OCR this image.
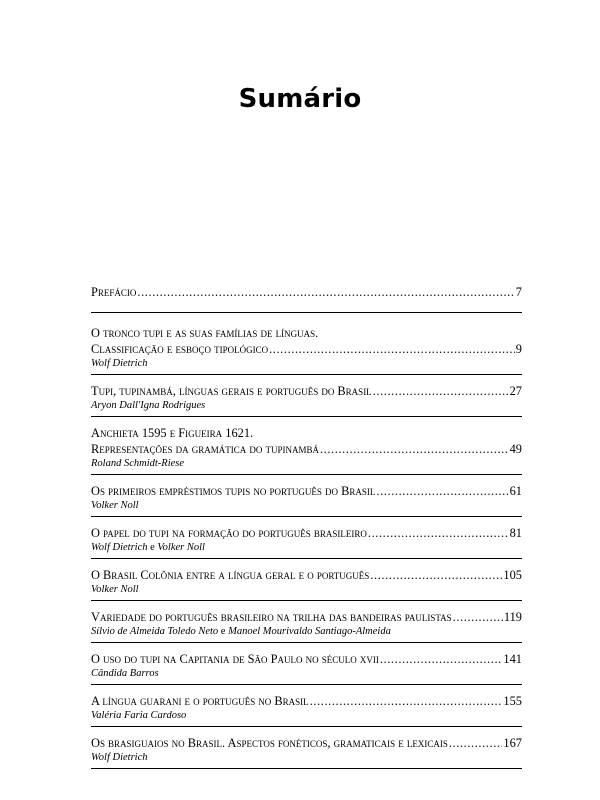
Sumário
Prefácio .....	7
O tronco tupi e as suas famílias de línguas.
Classificação e esboço tipológico .....	9
Wolf Dietrich
Tupi, tupinambá, línguas gerais e português do Brasil .....	27
Aryon Dall'Igna Rodrigues
Anchieta 1595 e Figueira 1621.
Representações da gramática do tupinambá .....	49
Roland Schmidt-Riese
Os primeiros empréstimos tupis no português do Brasil .....	61
Volker Noll
O papel do tupi na formação do português brasileiro .....	81
Wolf Dietrich e Volker Noll
O Brasil Colônia entre a língua geral e o português .....	105
Volker Noll
Variedade do português brasileiro na trilha das bandeiras paulistas .....	119
Sílvio de Almeida Toledo Neto e Manoel Mourivaldo Santiago-Almeida
O uso do tupi na Capitania de São Paulo no século xvii .....	141
Cândida Barros
A língua guarani e o português no Brasil .....	155
Valéria Faria Cardoso
Os brasiguaios no Brasil. Aspectos fonéticos, gramaticais e lexicais .....	167
Wolf Dietrich
